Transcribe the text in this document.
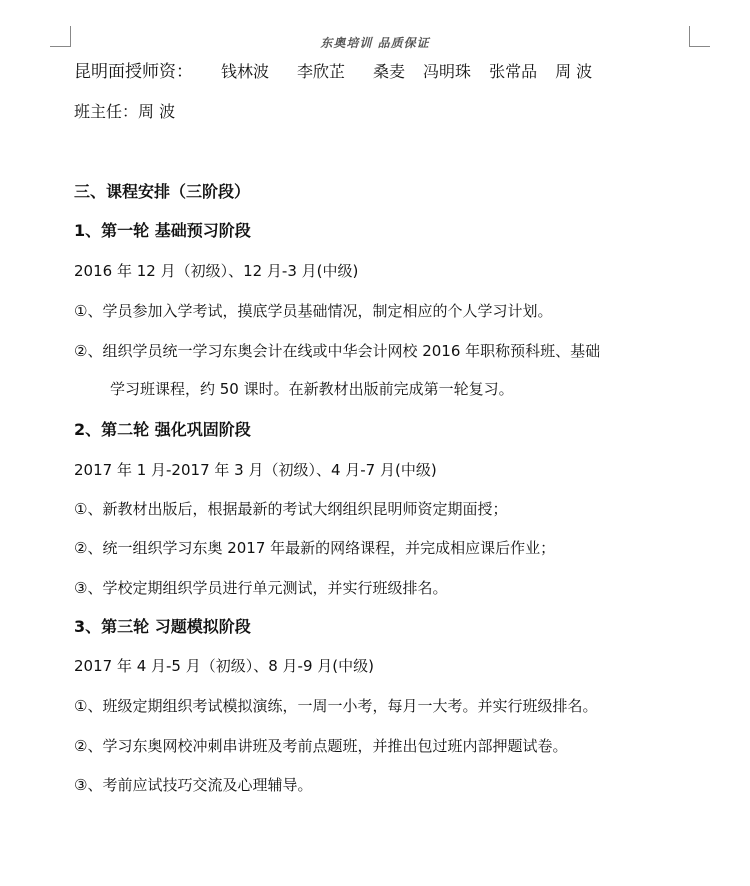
东奥培训 品质保证
昆明面授师资： 钱林波 李欣芷 桑麦 冯明珠 张常品 周 波
班主任：周 波
三、课程安排（三阶段）
1、第一轮 基础预习阶段
2016 年 12 月（初级）、12 月-3 月(中级)
①、学员参加入学考试，摸底学员基础情况，制定相应的个人学习计划。
②、组织学员统一学习东奥会计在线或中华会计网校 2016 年职称预科班、基础
学习班课程，约 50 课时。在新教材出版前完成第一轮复习。
2、第二轮 强化巩固阶段
2017 年 1 月-2017 年 3 月（初级）、4 月-7 月(中级)
①、新教材出版后，根据最新的考试大纲组织昆明师资定期面授；
②、统一组织学习东奥 2017 年最新的网络课程，并完成相应课后作业；
③、学校定期组织学员进行单元测试，并实行班级排名。
3、第三轮 习题模拟阶段
2017 年 4 月-5 月（初级）、8 月-9 月(中级)
①、班级定期组织考试模拟演练，一周一小考，每月一大考。并实行班级排名。
②、学习东奥网校冲刺串讲班及考前点题班，并推出包过班内部押题试卷。
③、考前应试技巧交流及心理辅导。
